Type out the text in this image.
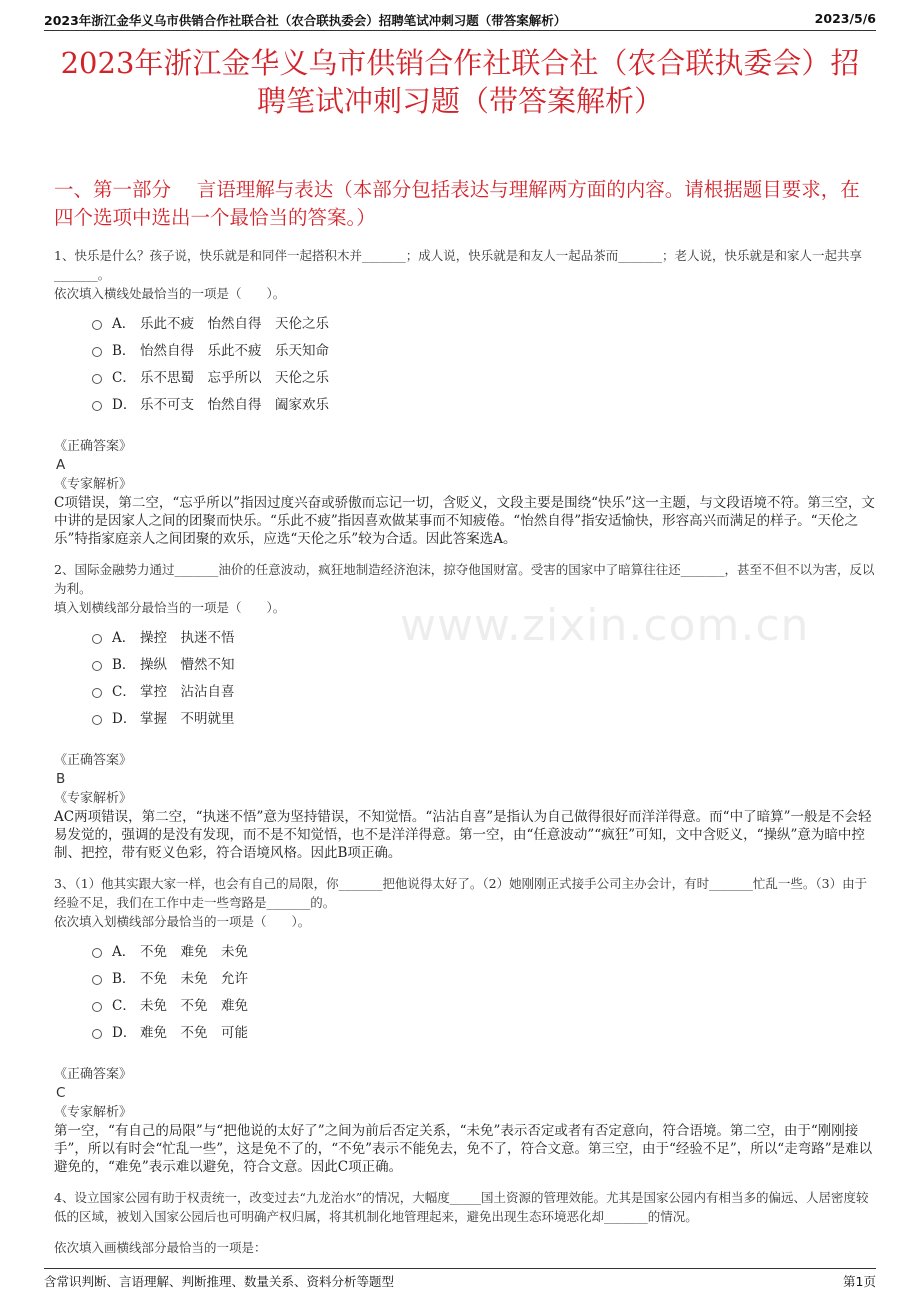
2023年浙江金华义乌市供销合作社联合社（农合联执委会）招聘笔试冲刺习题（带答案解析）	2023/5/6
2023年浙江金华义乌市供销合作社联合社（农合联执委会）招聘笔试冲刺习题（带答案解析）
一、第一部分　 言语理解与表达（本部分包括表达与理解两方面的内容。请根据题目要求，在四个选项中选出一个最恰当的答案。）
www.zixin.com.cn

1、快乐是什么？孩子说，快乐就是和同伴一起搭积木并_______；成人说，快乐就是和友人一起品茶而_______；老人说，快乐就是和家人一起共享_______。

依次填入横线处最恰当的一项是（　　）。

A． 乐此不疲　怡然自得　天伦之乐
B． 怡然自得　乐此不疲　乐天知命
C． 乐不思蜀　忘乎所以　天伦之乐
D． 乐不可支　怡然自得　阖家欢乐
《正确答案》
A
《专家解析》
C项错误，第二空，“忘乎所以”指因过度兴奋或骄傲而忘记一切，含贬义，文段主要是围绕“快乐”这一主题，与文段语境不符。第三空，文中讲的是因家人之间的团聚而快乐。“乐此不疲”指因喜欢做某事而不知疲倦。“怡然自得”指安适愉快，形容高兴而满足的样子。“天伦之乐”特指家庭亲人之间团聚的欢乐，应选“天伦之乐”较为合适。因此答案选A。

2、国际金融势力通过_______油价的任意波动，疯狂地制造经济泡沫，掠夺他国财富。受害的国家中了暗算往往还_______，甚至不但不以为害，反以为利。

填入划横线部分最恰当的一项是（　　）。

A． 操控　执迷不悟
B． 操纵　懵然不知
C． 掌控　沾沾自喜
D． 掌握　不明就里
《正确答案》
B
《专家解析》
AC两项错误，第二空，“执迷不悟”意为坚持错误，不知觉悟。“沾沾自喜”是指认为自己做得很好而洋洋得意。而“中了暗算”一般是不会轻易发觉的，强调的是没有发现，而不是不知觉悟，也不是洋洋得意。第一空，由“任意波动”“疯狂”可知，文中含贬义，“操纵”意为暗中控制、把控，带有贬义色彩，符合语境风格。因此B项正确。

3、（1）他其实跟大家一样，也会有自己的局限，你_______把他说得太好了。（2）她刚刚正式接手公司主办会计，有时_______忙乱一些。（3）由于经验不足，我们在工作中走一些弯路是_______的。

依次填入划横线部分最恰当的一项是（　　）。

A． 不免　难免　未免
B． 不免　未免　允许
C． 未免　不免　难免
D． 难免　不免　可能
《正确答案》
C
《专家解析》
第一空，“有自己的局限”与“把他说的太好了”之间为前后否定关系，“未免”表示否定或者有否定意向，符合语境。第二空，由于“刚刚接手”，所以有时会“忙乱一些”，这是免不了的，“不免”表示不能免去，免不了，符合文意。第三空，由于“经验不足”，所以“走弯路”是难以避免的，“难免”表示难以避免，符合文意。因此C项正确。

4、设立国家公园有助于权责统一，改变过去“九龙治水”的情况，大幅度_____国土资源的管理效能。尤其是国家公园内有相当多的偏远、人居密度较低的区域，被划入国家公园后也可明确产权归属，将其机制化地管理起来，避免出现生态环境恶化却_______的情况。

依次填入画横线部分最恰当的一项是：

含常识判断、言语理解、判断推理、数量关系、资料分析等题型	第1页
